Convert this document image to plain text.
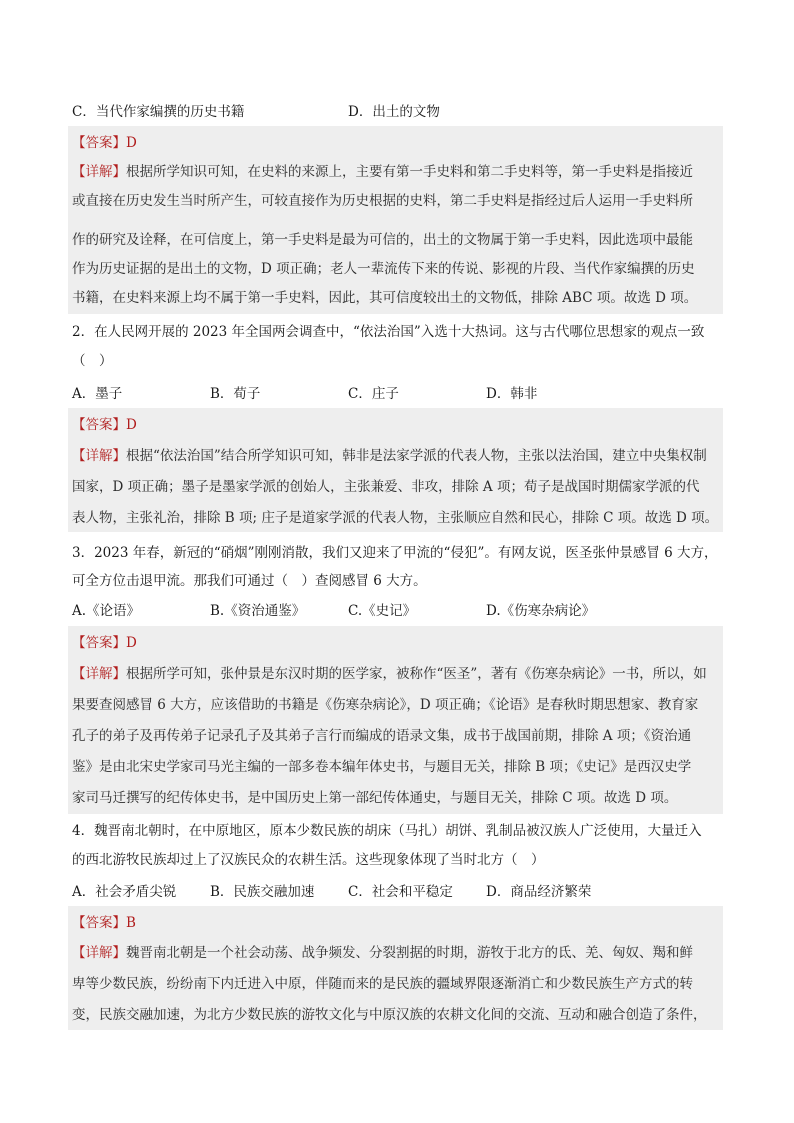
C．当代作家编撰的历史书籍	D．出土的文物
【答案】D
【详解】根据所学知识可知，在史料的来源上，主要有第一手史料和第二手史料等，第一手史料是指接近
或直接在历史发生当时所产生，可较直接作为历史根据的史料，第二手史料是指经过后人运用一手史料所
作的研究及诠释，在可信度上，第一手史料是最为可信的，出土的文物属于第一手史料，因此选项中最能
作为历史证据的是出土的文物，D 项正确；老人一辈流传下来的传说、影视的片段、当代作家编撰的历史
书籍，在史料来源上均不属于第一手史料，因此，其可信度较出土的文物低，排除 ABC 项。故选 D 项。
2．在人民网开展的 2023 年全国两会调查中，“依法治国”入选十大热词。这与古代哪位思想家的观点一致
（　）
A．墨子	B．荀子	C．庄子	D．韩非
【答案】D
【详解】根据“依法治国”结合所学知识可知，韩非是法家学派的代表人物，主张以法治国，建立中央集权制
国家，D 项正确；墨子是墨家学派的创始人，主张兼爱、非攻，排除 A 项；荀子是战国时期儒家学派的代
表人物，主张礼治，排除 B 项; 庄子是道家学派的代表人物，主张顺应自然和民心，排除 C 项。故选 D 项。
3．2023 年春，新冠的“硝烟”刚刚消散，我们又迎来了甲流的“侵犯”。有网友说，医圣张仲景感冒 6 大方，
可全方位击退甲流。那我们可通过（　）查阅感冒 6 大方。
A.《论语》	B.《资治通鉴》	C.《史记》	D.《伤寒杂病论》
【答案】D
【详解】根据所学可知，张仲景是东汉时期的医学家，被称作“医圣”，著有《伤寒杂病论》一书，所以，如
果要查阅感冒 6 大方，应该借助的书籍是《伤寒杂病论》，D 项正确；《论语》是春秋时期思想家、教育家
孔子的弟子及再传弟子记录孔子及其弟子言行而编成的语录文集，成书于战国前期，排除 A 项；《资治通
鉴》是由北宋史学家司马光主编的一部多卷本编年体史书，与题目无关，排除 B 项；《史记》是西汉史学
家司马迁撰写的纪传体史书，是中国历史上第一部纪传体通史，与题目无关，排除 C 项。故选 D 项。
4．魏晋南北朝时，在中原地区，原本少数民族的胡床（马扎）胡饼、乳制品被汉族人广泛使用，大量迁入
的西北游牧民族却过上了汉族民众的农耕生活。这些现象体现了当时北方（　）
A．社会矛盾尖锐	B．民族交融加速 C．社会和平稳定 D．商品经济繁荣
【答案】B
【详解】魏晋南北朝是一个社会动荡、战争频发、分裂割据的时期，游牧于北方的氐、羌、匈奴、羯和鲜
卑等少数民族，纷纷南下内迁进入中原，伴随而来的是民族的疆域界限逐渐消亡和少数民族生产方式的转
变，民族交融加速，为北方少数民族的游牧文化与中原汉族的农耕文化间的交流、互动和融合创造了条件，
